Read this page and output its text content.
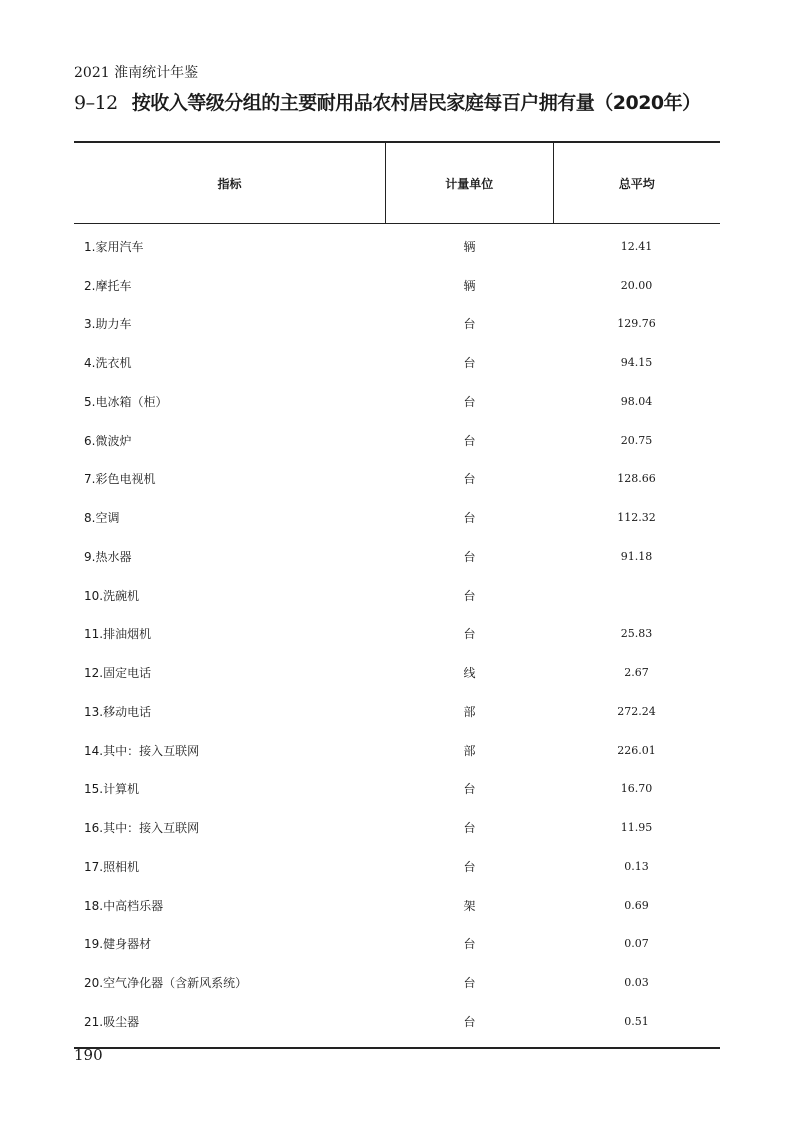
2021 淮南统计年鉴
9–12 按收入等级分组的主要耐用品农村居民家庭每百户拥有量（2020年）
指标	计量单位	总平均
1.家用汽车	辆	12.41
2.摩托车	辆	20.00
3.助力车	台	129.76
4.洗衣机	台	94.15
5.电冰箱（柜）	台	98.04
6.微波炉	台	20.75
7.彩色电视机	台	128.66
8.空调	台	112.32
9.热水器	台	91.18
10.洗碗机	台
11.排油烟机	台	25.83
12.固定电话	线	2.67
13.移动电话	部	272.24
14.其中：接入互联网	部	226.01
15.计算机	台	16.70
16.其中：接入互联网	台	11.95
17.照相机	台	0.13
18.中高档乐器	架	0.69
19.健身器材	台	0.07
20.空气净化器（含新风系统）	台	0.03
21.吸尘器	台	0.51
190
